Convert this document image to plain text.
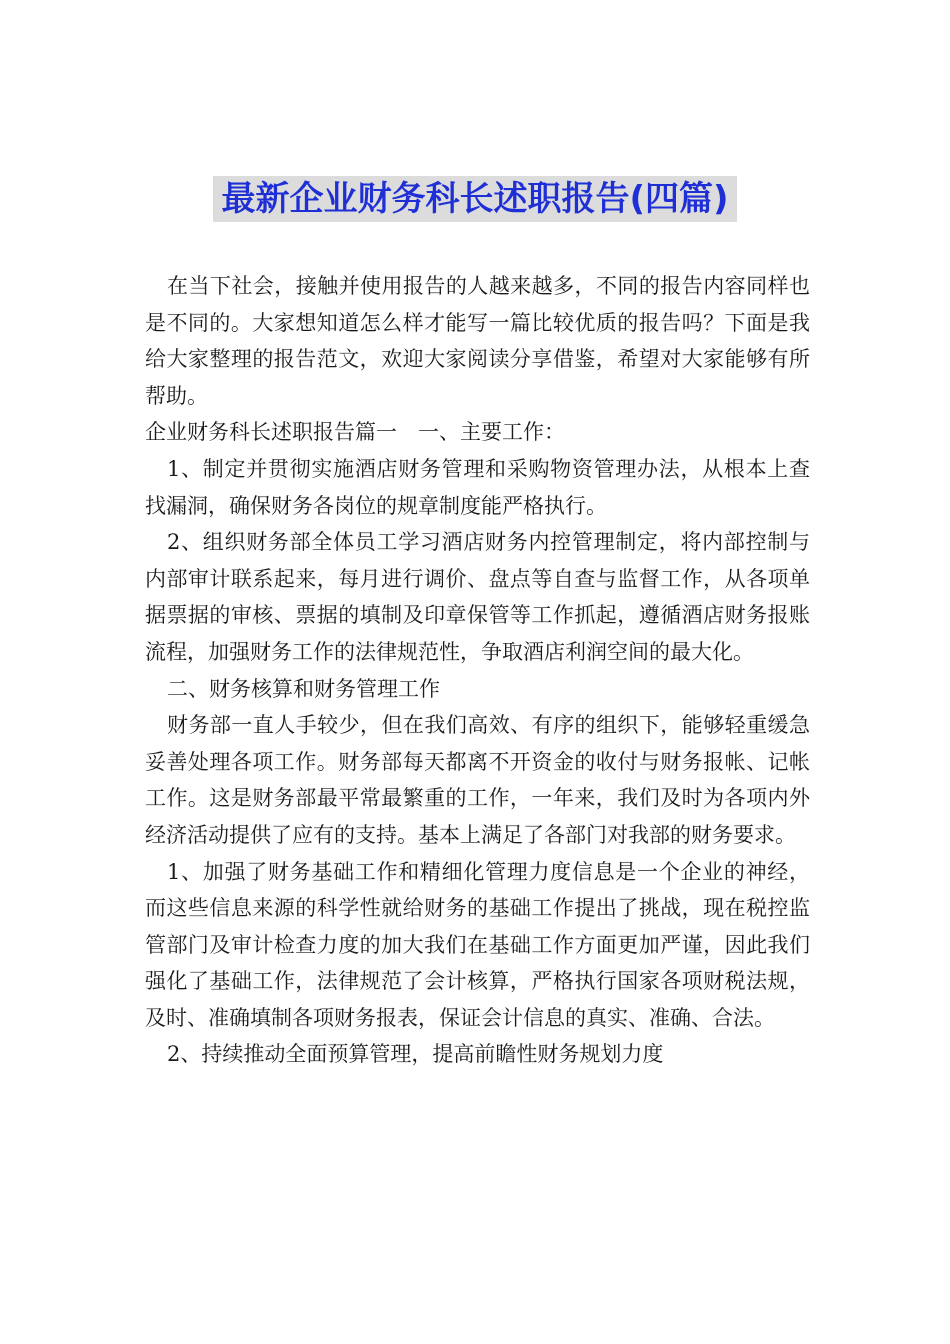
最新企业财务科长述职报告(四篇)

在当下社会，接触并使用报告的人越来越多，不同的报告内容同样也是不同的。大家想知道怎么样才能写一篇比较优质的报告吗？下面是我给大家整理的报告范文，欢迎大家阅读分享借鉴，希望对大家能够有所帮助。

企业财务科长述职报告篇一　一、主要工作：

1、制定并贯彻实施酒店财务管理和采购物资管理办法，从根本上查找漏洞，确保财务各岗位的规章制度能严格执行。

2、组织财务部全体员工学习酒店财务内控管理制定，将内部控制与内部审计联系起来，每月进行调价、盘点等自查与监督工作，从各项单据票据的审核、票据的填制及印章保管等工作抓起，遵循酒店财务报账流程，加强财务工作的法律规范性，争取酒店利润空间的最大化。

二、财务核算和财务管理工作

财务部一直人手较少，但在我们高效、有序的组织下，能够轻重缓急妥善处理各项工作。财务部每天都离不开资金的收付与财务报帐、记帐工作。这是财务部最平常最繁重的工作，一年来，我们及时为各项内外经济活动提供了应有的支持。基本上满足了各部门对我部的财务要求。

1、加强了财务基础工作和精细化管理力度信息是一个企业的神经，而这些信息来源的科学性就给财务的基础工作提出了挑战，现在税控监管部门及审计检查力度的加大我们在基础工作方面更加严谨，因此我们强化了基础工作，法律规范了会计核算，严格执行国家各项财税法规，及时、准确填制各项财务报表，保证会计信息的真实、准确、合法。

2、持续推动全面预算管理，提高前瞻性财务规划力度
